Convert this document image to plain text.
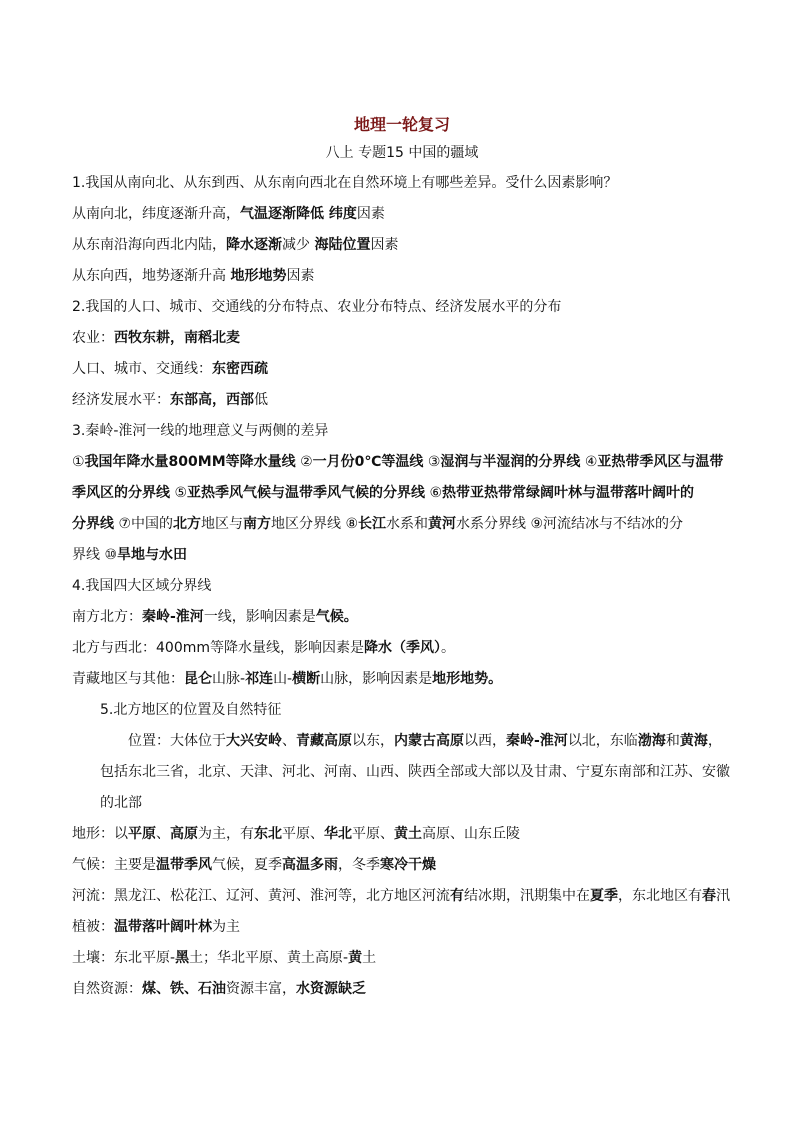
地理一轮复习
八上 专题15 中国的疆域
1.我国从南向北、从东到西、从东南向西北在自然环境上有哪些差异。受什么因素影响？
从南向北，纬度逐渐升高，气温逐渐降低 纬度因素
从东南沿海向西北内陆，降水逐渐减少 海陆位置因素
从东向西，地势逐渐升高 地形地势因素
2.我国的人口、城市、交通线的分布特点、农业分布特点、经济发展水平的分布
农业：西牧东耕，南稻北麦
人口、城市、交通线：东密西疏
经济发展水平：东部高，西部低
3.秦岭-淮河一线的地理意义与两侧的差异
①我国年降水量800MM等降水量线 ②一月份0℃等温线 ③湿润与半湿润的分界线 ④亚热带季风区与温带
季风区的分界线 ⑤亚热季风气候与温带季风气候的分界线 ⑥热带亚热带常绿阔叶林与温带落叶阔叶的
分界线 ⑦中国的北方地区与南方地区分界线 ⑧长江水系和黄河水系分界线 ⑨河流结冰与不结冰的分
界线 ⑩旱地与水田
4.我国四大区域分界线
南方北方：秦岭-淮河一线，影响因素是气候。
北方与西北：400mm等降水量线，影响因素是降水（季风）。
青藏地区与其他：昆仑山脉-祁连山-横断山脉，影响因素是地形地势。
5.北方地区的位置及自然特征
位置：大体位于大兴安岭、青藏高原以东，内蒙古高原以西，秦岭-淮河以北，东临渤海和黄海，包括东北三省，北京、天津、河北、河南、山西、陕西全部或大部以及甘肃、宁夏东南部和江苏、安徽的北部
地形：以平原、高原为主，有东北平原、华北平原、黄土高原、山东丘陵
气候：主要是温带季风气候，夏季高温多雨，冬季寒冷干燥
河流：黑龙江、松花江、辽河、黄河、淮河等，北方地区河流有结冰期，汛期集中在夏季，东北地区有春汛
植被：温带落叶阔叶林为主
土壤：东北平原-黑土；华北平原、黄土高原-黄土
自然资源：煤、铁、石油资源丰富，水资源缺乏
